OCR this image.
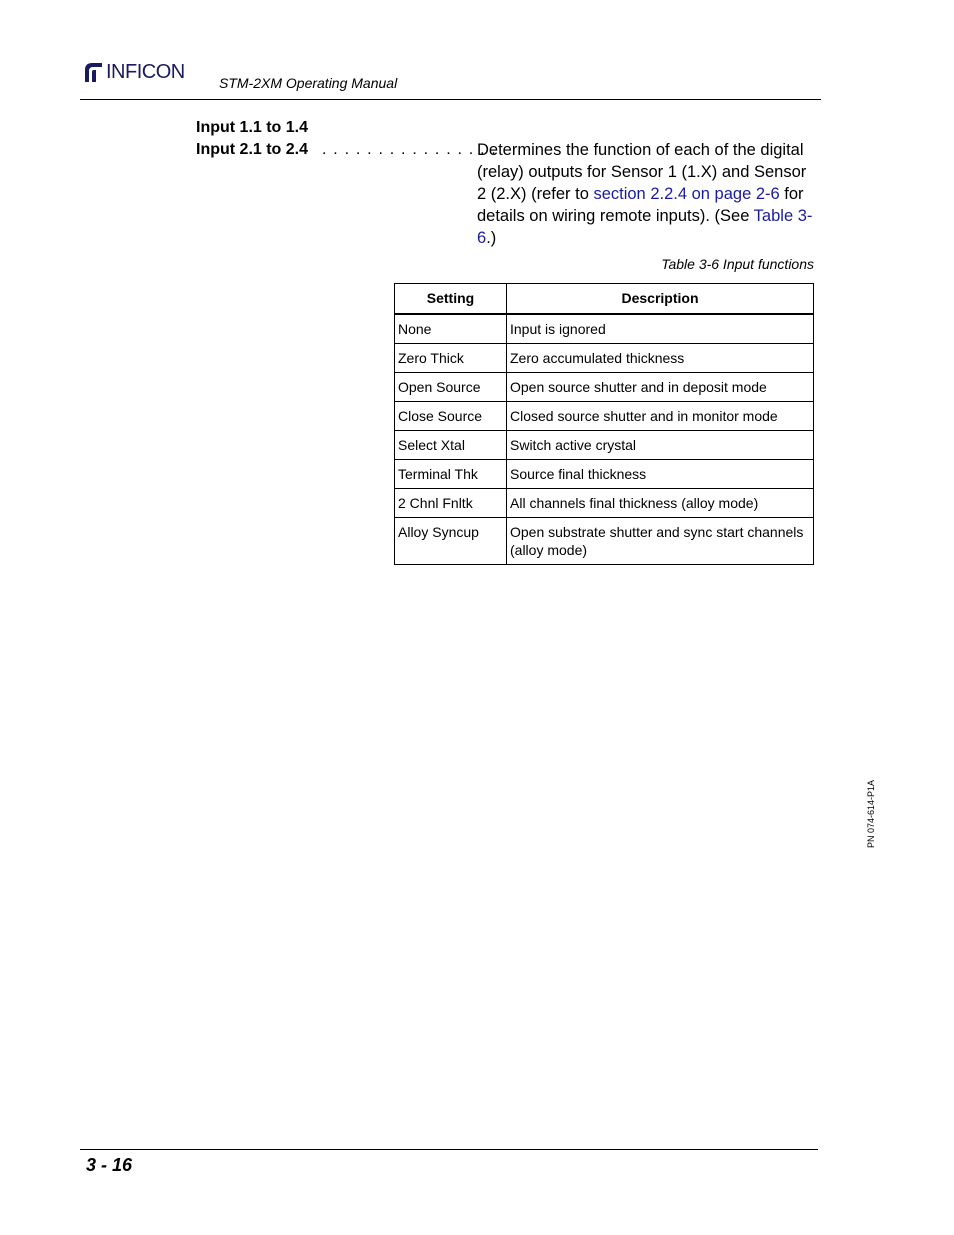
INFICON STM-2XM Operating Manual
Input 1.1 to 1.4
Input 2.1 to 2.4 . . . . . . . . . . . . . . . .
Determines the function of each of the digital (relay) outputs for Sensor 1 (1.X) and Sensor 2 (2.X) (refer to section 2.2.4 on page 2-6 for details on wiring remote inputs). (See Table 3-6.)
Table 3-6 Input functions
Setting	Description
None	Input is ignored
Zero Thick	Zero accumulated thickness
Open Source	Open source shutter and in deposit mode
Close Source	Closed source shutter and in monitor mode
Select Xtal	Switch active crystal
Terminal Thk	Source final thickness
2 Chnl Fnltk	All channels final thickness (alloy mode)
Alloy Syncup	Open substrate shutter and sync start channels (alloy mode)
PN 074-614-P1A
3 - 16
